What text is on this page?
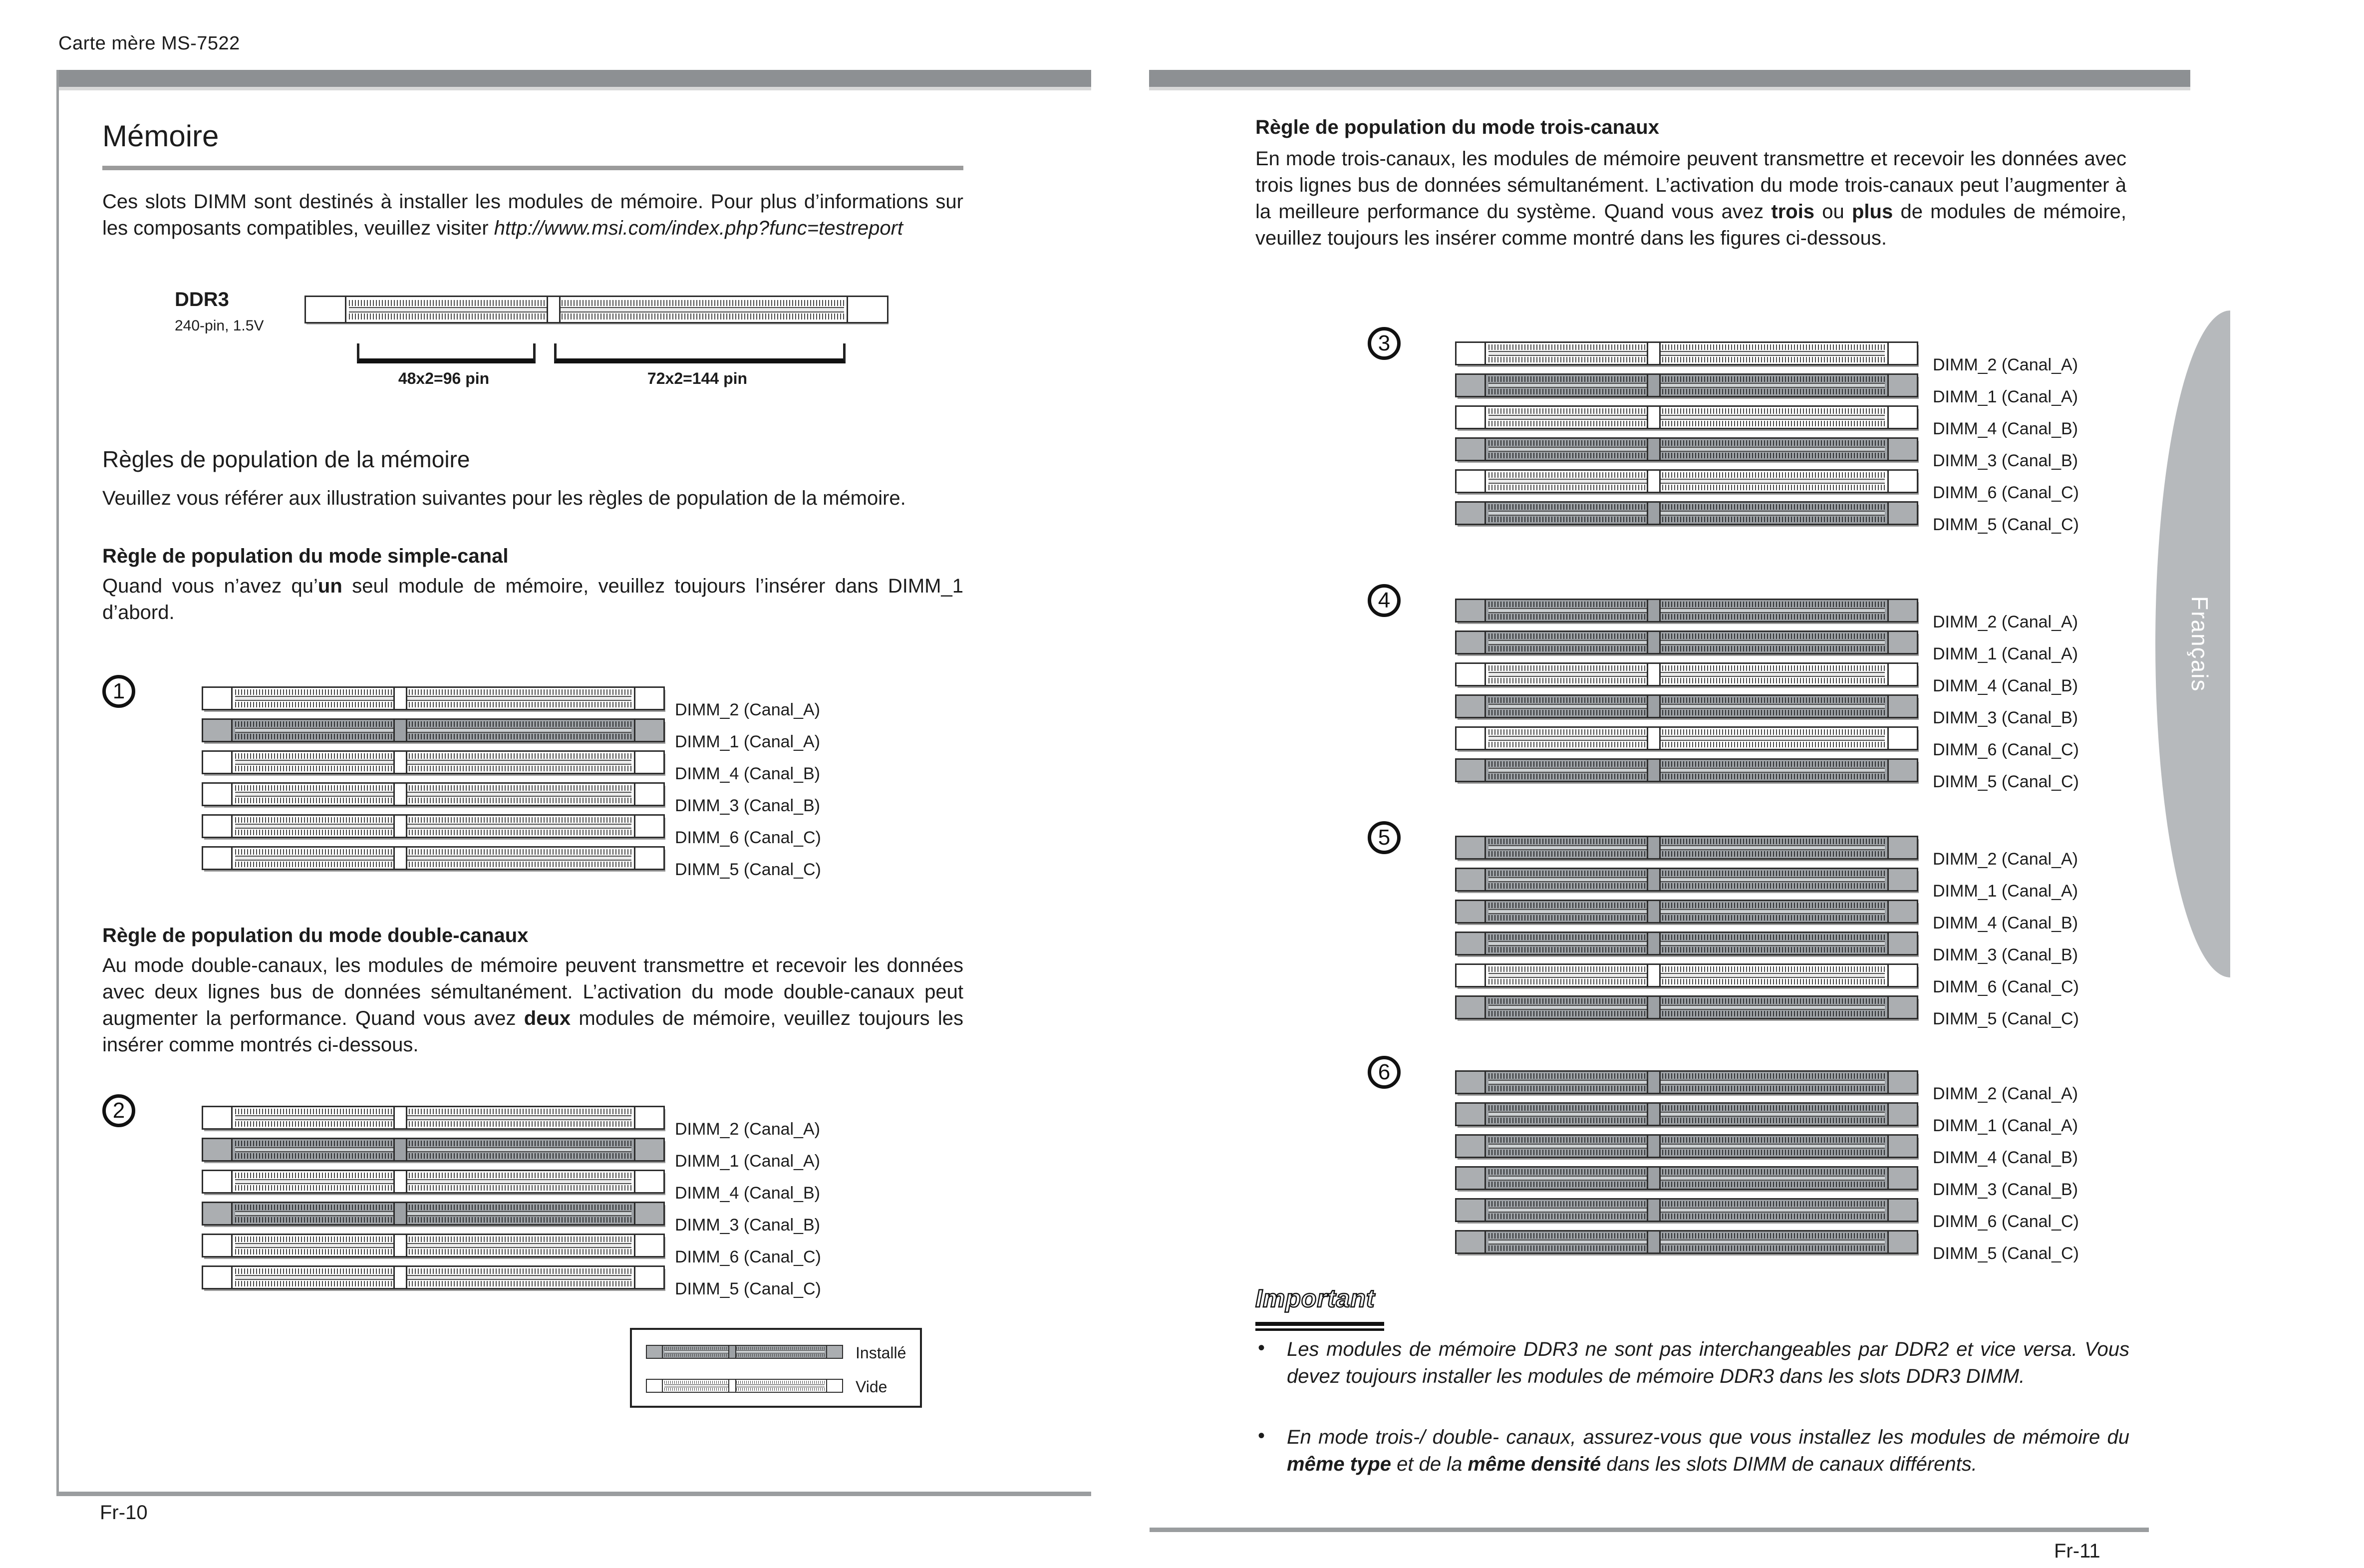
Carte mère MS-7522
Mémoire

Ces slots DIMM sont destinés à installer les modules de mémoire. Pour plus d’informations sur les composants compatibles, veuillez visiter http://www.msi.com/index.php?func=testreport

DDR3
240-pin, 1.5V
48x2=96 pin	72x2=144 pin
Règles de population de la mémoire

Veuillez vous référer aux illustration suivantes pour les règles de population de la mémoire.

Règle de population du mode simple-canal

Quand vous n’avez qu’un seul module de mémoire, veuillez toujours l’insérer dans DIMM_1 d’abord.

Règle de population du mode double-canaux

Au mode double-canaux, les modules de mémoire peuvent transmettre et recevoir les données avec deux lignes bus de données sémultanément. L’activation du mode double-canaux peut augmenter la performance. Quand vous avez deux modules de mémoire, veuillez toujours les insérer comme montrés ci-dessous.

Installé
Vide
Fr-10
Règle de population du mode trois-canaux

En mode trois-canaux, les modules de mémoire peuvent transmettre et recevoir les données avec trois lignes bus de données sémultanément. L’activation du mode trois-canaux peut l’augmenter à la meilleure performance du système. Quand vous avez trois ou plus de modules de mémoire, veuillez toujours les insérer comme montré dans les figures ci-dessous.

1
DIMM_2 (Canal_A)
DIMM_1 (Canal_A)
DIMM_4 (Canal_B)
DIMM_3 (Canal_B)
DIMM_6 (Canal_C)
DIMM_5 (Canal_C)
2
DIMM_2 (Canal_A)
DIMM_1 (Canal_A)
DIMM_4 (Canal_B)
DIMM_3 (Canal_B)
DIMM_6 (Canal_C)
DIMM_5 (Canal_C)
3
DIMM_2 (Canal_A)
DIMM_1 (Canal_A)
DIMM_4 (Canal_B)
DIMM_3 (Canal_B)
DIMM_6 (Canal_C)
DIMM_5 (Canal_C)
4
DIMM_2 (Canal_A)
DIMM_1 (Canal_A)
DIMM_4 (Canal_B)
DIMM_3 (Canal_B)
DIMM_6 (Canal_C)
DIMM_5 (Canal_C)
5
DIMM_2 (Canal_A)
DIMM_1 (Canal_A)
DIMM_4 (Canal_B)
DIMM_3 (Canal_B)
DIMM_6 (Canal_C)
DIMM_5 (Canal_C)
6
DIMM_2 (Canal_A)
DIMM_1 (Canal_A)
DIMM_4 (Canal_B)
DIMM_3 (Canal_B)
DIMM_6 (Canal_C)
DIMM_5 (Canal_C)
Important
• Les modules de mémoire DDR3 ne sont pas interchangeables par DDR2 et vice versa. Vous devez toujours installer les modules de mémoire DDR3 dans les slots DDR3 DIMM.

• En mode trois-/ double- canaux, assurez-vous que vous installez les modules de mémoire du même type et de la même densité dans les slots DIMM de canaux différents.

Fr-11
Français
